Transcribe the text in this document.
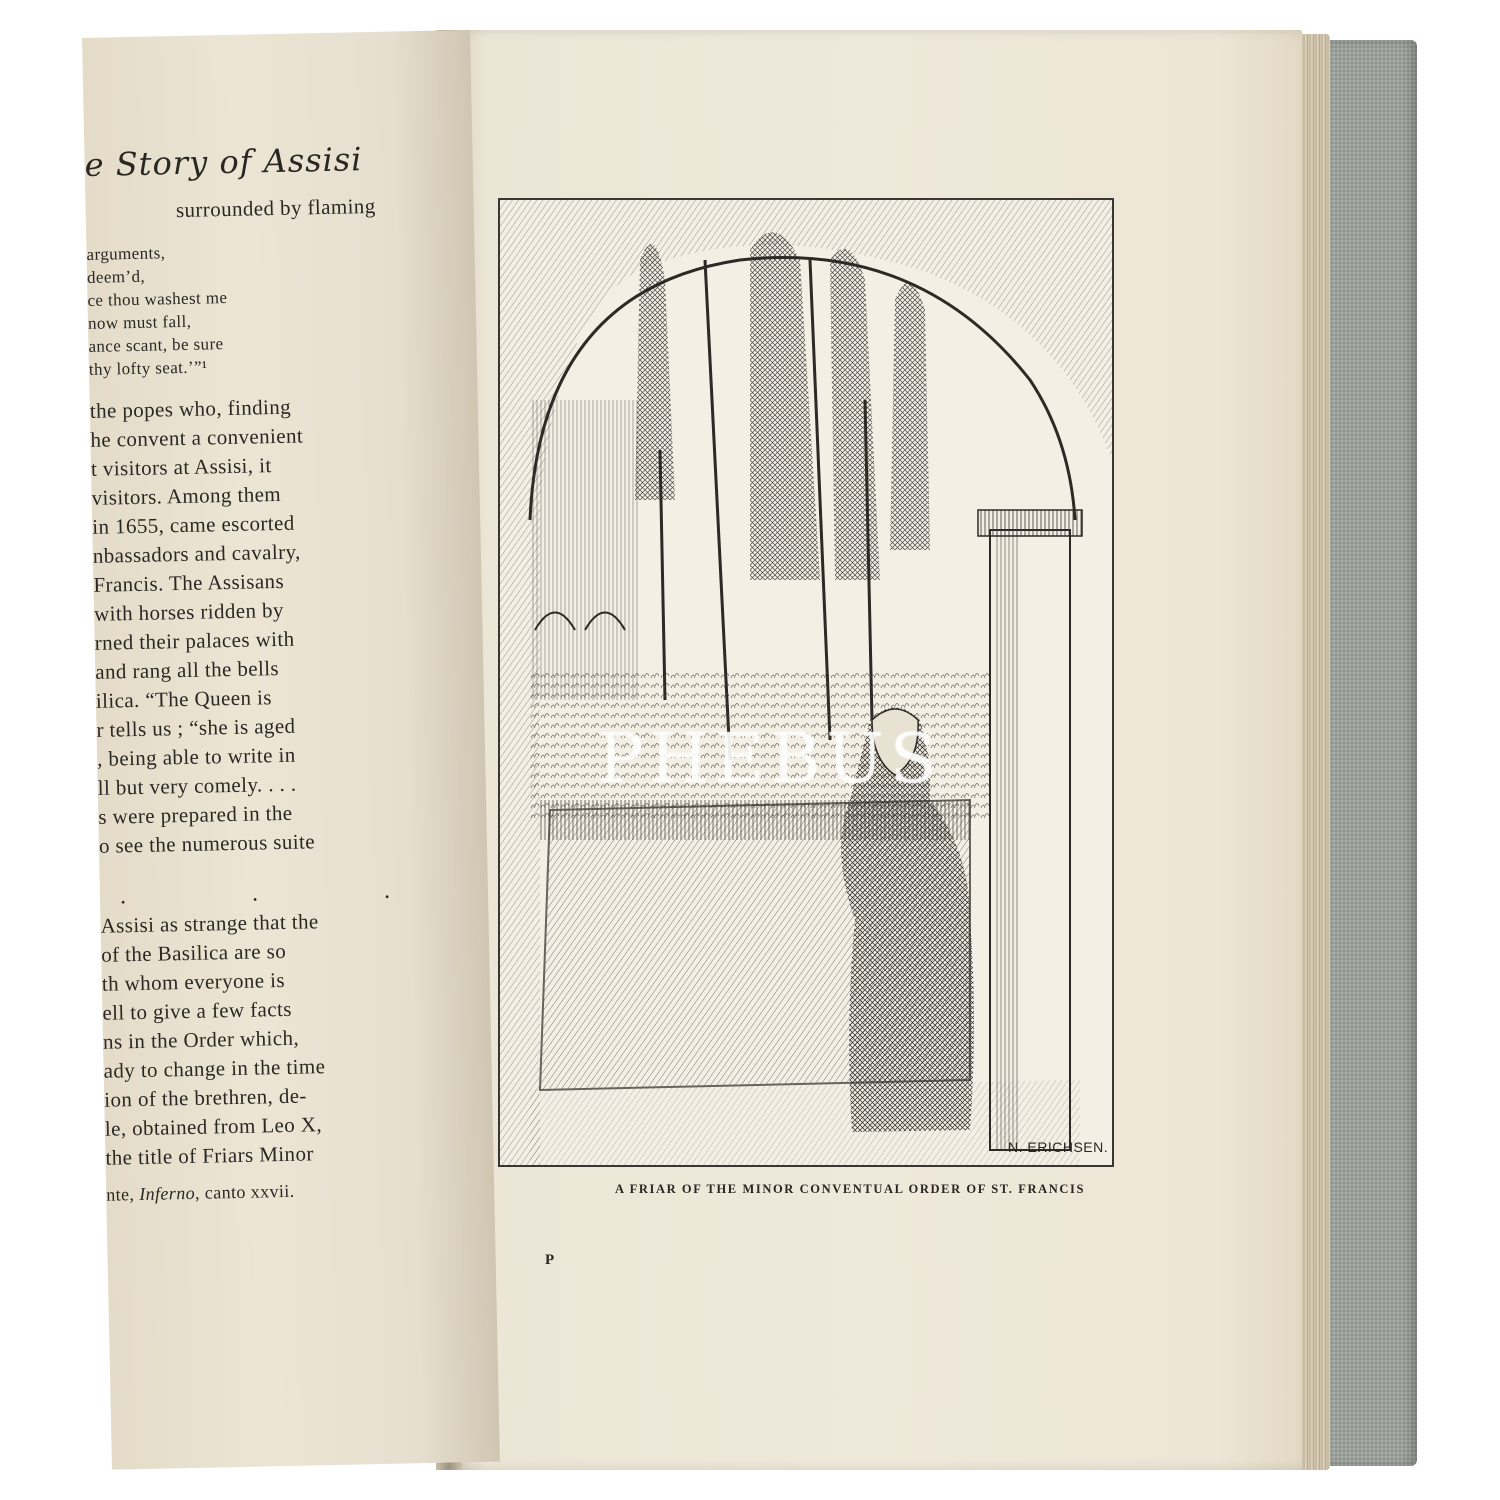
e Story of Assisi
surrounded by flaming
arguments,
deem’d,
ce thou washest me
now must fall,
ance scant, be sure
thy lofty seat.’”¹
the popes who, finding
he convent a convenient
t visitors at Assisi, it
visitors. Among them
in 1655, came escorted
nbassadors and cavalry,
Francis. The Assisans
with horses ridden by
rned their palaces with
and rang all the bells
ilica. “The Queen is
r tells us ; “she is aged
, being able to write in
ll but very comely. . . .
s were prepared in the
o see the numerous suite
. . .
Assisi as strange that the
of the Basilica are so
th whom everyone is
ell to give a few facts
ns in the Order which,
ady to change in the time
ion of the brethren, de-
le, obtained from Leo X,
the title of Friars Minor
nte, Inferno, canto xxvii.
N. ERICHSEN.
A FRIAR OF THE MINOR CONVENTUAL ORDER OF ST. FRANCIS
P
PHEBUS
